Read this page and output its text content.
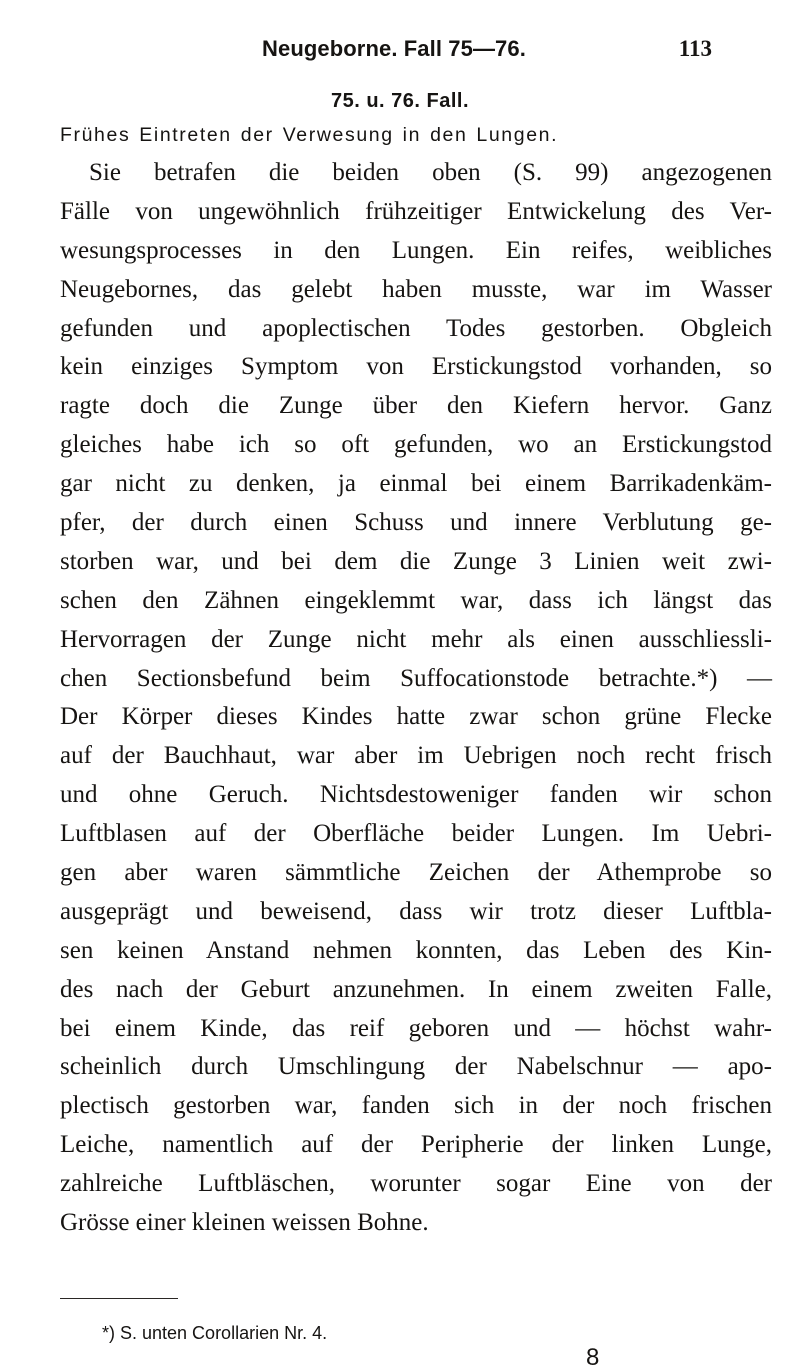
Neugeborne. Fall 75—76.	113
75. u. 76. Fall.
Frühes Eintreten der Verwesung in den Lungen.
Sie betrafen die beiden oben (S. 99) angezogenen
Fälle von ungewöhnlich frühzeitiger Entwickelung des Ver-
wesungsprocesses in den Lungen. Ein reifes, weibliches
Neugebornes, das gelebt haben musste, war im Wasser
gefunden und apoplectischen Todes gestorben. Obgleich
kein einziges Symptom von Erstickungstod vorhanden, so
ragte doch die Zunge über den Kiefern hervor. Ganz
gleiches habe ich so oft gefunden, wo an Erstickungstod
gar nicht zu denken, ja einmal bei einem Barrikadenkäm-
pfer, der durch einen Schuss und innere Verblutung ge-
storben war, und bei dem die Zunge 3 Linien weit zwi-
schen den Zähnen eingeklemmt war, dass ich längst das
Hervorragen der Zunge nicht mehr als einen ausschliessli-
chen Sectionsbefund beim Suffocationstode betrachte.*) —
Der Körper dieses Kindes hatte zwar schon grüne Flecke
auf der Bauchhaut, war aber im Uebrigen noch recht frisch
und ohne Geruch. Nichtsdestoweniger fanden wir schon
Luftblasen auf der Oberfläche beider Lungen. Im Uebri-
gen aber waren sämmtliche Zeichen der Athemprobe so
ausgeprägt und beweisend, dass wir trotz dieser Luftbla-
sen keinen Anstand nehmen konnten, das Leben des Kin-
des nach der Geburt anzunehmen. In einem zweiten Falle,
bei einem Kinde, das reif geboren und — höchst wahr-
scheinlich durch Umschlingung der Nabelschnur — apo-
plectisch gestorben war, fanden sich in der noch frischen
Leiche, namentlich auf der Peripherie der linken Lunge,
zahlreiche Luftbläschen, worunter sogar Eine von der
Grösse einer kleinen weissen Bohne.
*) S. unten Corollarien Nr. 4.
8
